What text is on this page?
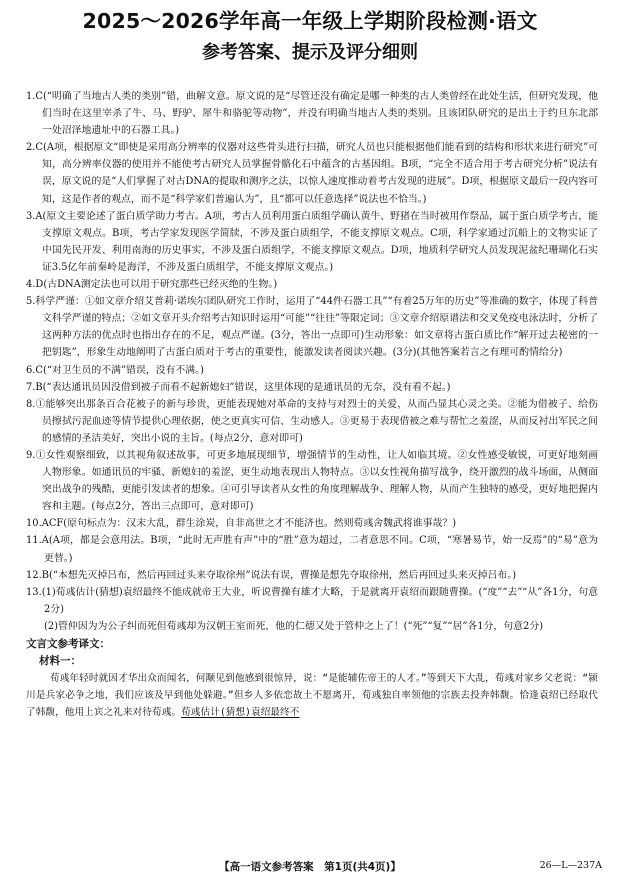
2025～2026学年高一年级上学期阶段检测·语文
参考答案、提示及评分细则

1.C(“明确了当地古人类的类别”错，曲解文意。原文说的是“尽管还没有确定是哪一种类的古人类曾经在此处生活，但研究发现，他们当时在这里宰杀了牛、马、野驴、犀牛和骆驼等动物”，并没有明确当地古人类的类别。且该团队研究的是出土于约旦东北部一处沼泽地遗址中的石器工具。)

2.C(A项，根据原文“即使是采用高分辨率的仪器对这些骨头进行扫描，研究人员也只能根据他们能看到的结构和形状来进行研究”可知，高分辨率仪器的使用并不能使考古研究人员掌握骨骼化石中蕴含的古基因组。B项，“完全不适合用于考古研究分析”说法有误，原文说的是“人们掌握了对古DNA的提取和测序之法，以惊人速度推动着考古发现的进展”。D项，根据原文最后一段内容可知，这是作者的观点，而不是“科学家们普遍认为”，且“都可以任意选择”说法也不恰当。)

3.A(原文主要论述了蛋白质学助力考古。A项，考古人员利用蛋白质组学确认黄牛、野猪在当时被用作祭品，属于蛋白质学考古，能支撑原文观点。B项，考古学家发现医学简牍，不涉及蛋白质组学，不能支撑原文观点。C项，科学家通过沉船上的文物实证了中国先民开发、利用南海的历史事实，不涉及蛋白质组学，不能支撑原文观点。D项，地质科学研究人员发现泥盆纪珊瑚化石实证3.5亿年前秦岭是海洋，不涉及蛋白质组学，不能支撑原文观点。)

4.D(古DNA测定法也可以用于研究那些已经灭绝的生物。)

5.科学严谨：①如文章介绍艾普莉·诺埃尔团队研究工作时，运用了“44件石器工具”“有着25万年的历史”等准确的数字，体现了科普文科学严谨的特点；②如文章开头介绍考古知识时运用“可能”“往往”等限定词；③文章介绍原谱法和交叉免疫电泳法时，分析了这两种方法的优点时也指出存在的不足，观点严谨。(3分，答出一点即可)生动形象：如文章将古蛋白质比作“解开过去秘密的一把钥匙”，形象生动地阐明了古蛋白质对于考古的重要性，能激发读者阅读兴趣。(3分)(其他答案若言之有理可酌情给分)

6.C(“对卫生员的不满”错误，没有不满。)

7.B(“表达通讯员因没借到被子而看不起新媳妇”错误，这里体现的是通讯员的无奈，没有看不起。)

8.①能够突出那条百合花被子的新与珍贵，更能表现她对革命的支持与对烈士的关爱，从而凸显其心灵之美。②能为借被子、给伤员擦拭污泥血迹等情节提供心理依据，使之更真实可信、生动感人。③更易于表现借被之难与帮忙之羞涩，从而反衬出军民之间的感情的圣洁美好，突出小说的主旨。(每点2分，意对即可)

9.①女性观察细致，以其视角叙述故事，可更多地展现细节，增强情节的生动性，让人如临其境。②女性感受敏锐，可更好地刻画人物形象。如通讯员的牢骚、新媳妇的羞涩，更生动地表现出人物特点。③以女性视角描写战争，绕开激烈的战斗场面，从侧面突出战争的残酷，更能引发读者的想象。④可引导读者从女性的角度理解战争、理解人物，从而产生独特的感受，更好地把握内容和主题。(每点2分，答出三点即可，意对即可)

10.ACF(原句标点为：汉末大乱，群生涂炭，自非高世之才不能济也。然则荀彧舍魏武将谁事哉？)

11.A(A项，都是会意用法。B项，“此时无声胜有声”中的“胜”意为超过，二者意思不同。C项，“寒暑易节，始一反焉”的“易”意为更替。)

12.B(“本想先灭掉吕布，然后再回过头来夺取徐州”说法有误，曹操是想先夺取徐州，然后再回过头来灭掉吕布。)

13.(1)荀彧估计(猜想)袁绍最终不能成就帝王大业，听说曹操有雄才大略，于是就离开袁绍而跟随曹操。(“度”“去”“从”各1分，句意2分)
(2)管仲因为为公子纠而死但荀彧却为汉朝王室而死，他的仁德又处于管仲之上了！(“死”“复”“居”各1分，句意2分)

文言文参考译文：
材料一：
荀彧年轻时就因才华出众而闻名，何颙见到他感到很惊异，说：“是能辅佐帝王的人才。”等到天下大乱，荀彧对家乡父老说：“颍川是兵家必争之地，我们应该及早到他处躲避。”但乡人多依恋故土不愿离开，荀彧独自率领他的宗族去投奔韩馥。恰逢袁绍已经取代了韩馥，他用上宾之礼来对待荀彧。荀彧估计(猜想)袁绍最终不
【高一语文参考答案　第1页(共4页)】	26—L—237A
